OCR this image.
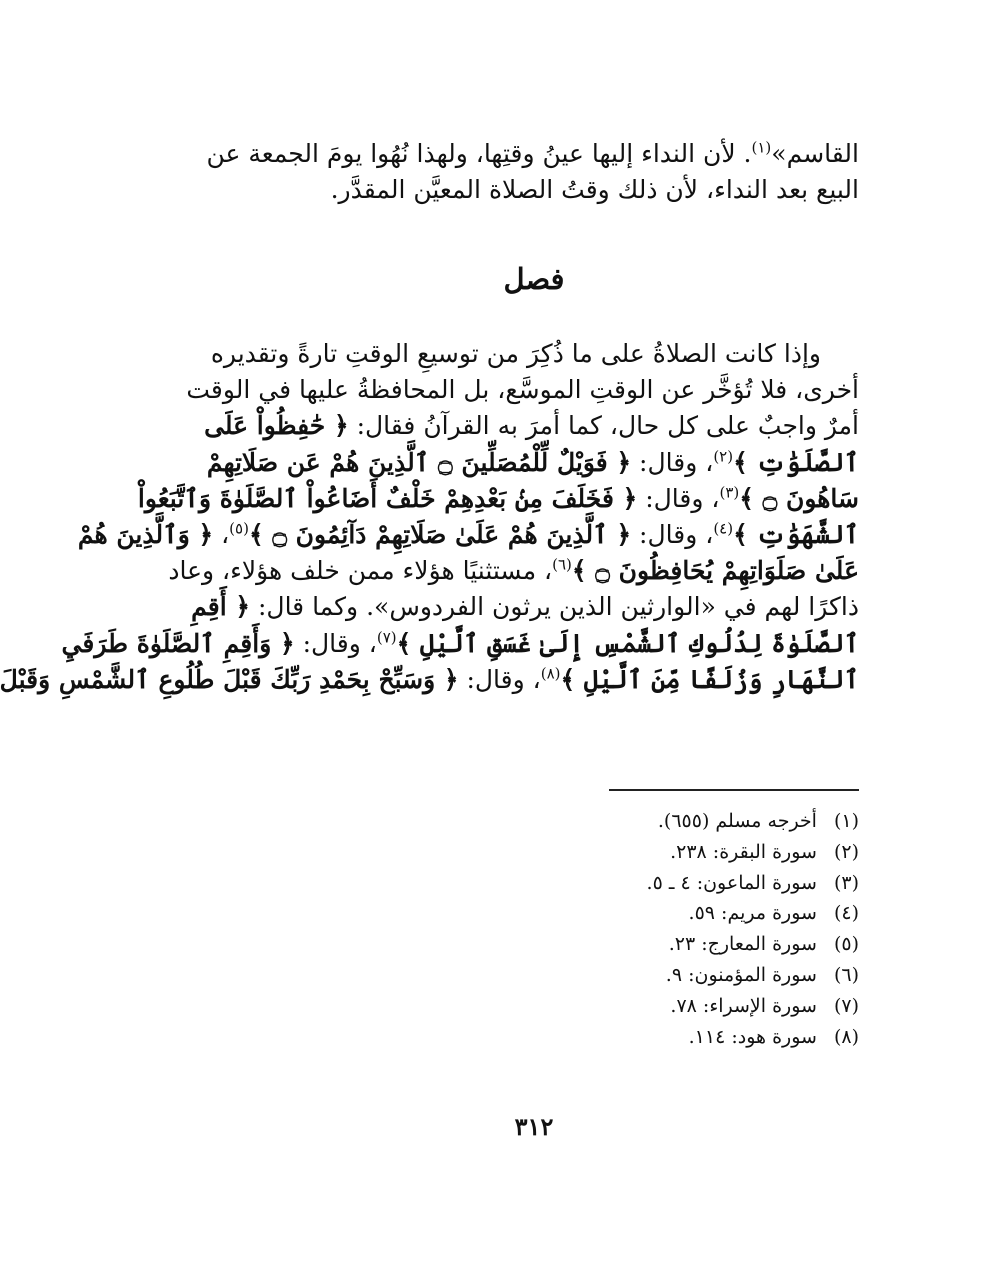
القاسم»$^{(١)}$. لأن النداء إليها عينُ وقتِها، ولهذا نُهُوا يومَ الجمعة عن
البيع بعد النداء، لأن ذلك وقتُ الصلاة المعيَّن المقدَّر.
فصل
وإذا كانت الصلاةُ على ما ذُكِرَ من توسيعِ الوقتِ تارةً وتقديره
أخرى، فلا تُؤخَّر عن الوقتِ الموسَّع، بل المحافظةُ عليها في الوقت
أمرٌ واجبٌ على كل حال، كما أمرَ به القرآنُ فقال: ﴿ حَٰفِظُواْ عَلَى
ٱلصَّلَوَٰتِ ﴾$^{(٢)}$، وقال: ﴿ فَوَيْلٌ لِّلْمُصَلِّينَ ۝ ٱلَّذِينَ هُمْ عَن صَلَاتِهِمْ
سَاهُونَ ۝ ﴾$^{(٣)}$، وقال: ﴿ فَخَلَفَ مِنۢ بَعْدِهِمْ خَلْفٌ أَضَاعُواْ ٱلصَّلَوٰةَ وَٱتَّبَعُواْ
ٱلشَّهَوَٰتِ ﴾$^{(٤)}$، وقال: ﴿ ٱلَّذِينَ هُمْ عَلَىٰ صَلَاتِهِمْ دَآئِمُونَ ۝ ﴾$^{(٥)}$، ﴿ وَٱلَّذِينَ هُمْ
عَلَىٰ صَلَوَاتِهِمْ يُحَافِظُونَ ۝ ﴾$^{(٦)}$، مستثنيًا هؤلاء ممن خلف هؤلاء، وعاد
ذاكرًا لهم في «الوارثين الذين يرثون الفردوس». وكما قال: ﴿ أَقِمِ
ٱلصَّلَوٰةَ لِدُلُوكِ ٱلشَّمْسِ إِلَىٰ غَسَقِ ٱلَّيْلِ ﴾$^{(٧)}$، وقال: ﴿ وَأَقِمِ ٱلصَّلَوٰةَ طَرَفَيِ
ٱلنَّهَارِ وَزُلَفًا مِّنَ ٱلَّيْلِ ﴾$^{(٨)}$، وقال: ﴿ وَسَبِّحْ بِحَمْدِ رَبِّكَ قَبْلَ طُلُوعِ ٱلشَّمْسِ وَقَبْلَ
(١) أخرجه مسلم (٦٥٥).
(٢) سورة البقرة: ٢٣٨.
(٣) سورة الماعون: ٤ ـ ٥.
(٤) سورة مريم: ٥٩.
(٥) سورة المعارج: ٢٣.
(٦) سورة المؤمنون: ٩.
(٧) سورة الإسراء: ٧٨.
(٨) سورة هود: ١١٤.
٣١٢
